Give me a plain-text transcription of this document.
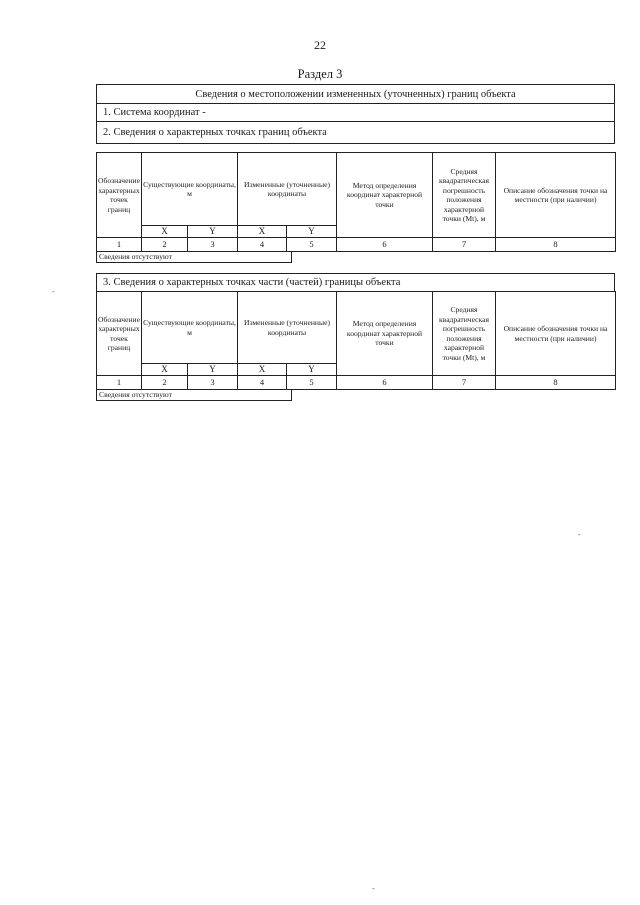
22
Раздел 3
Сведения о местоположении измененных (уточненных) границ объекта
1. Система координат -
2. Сведения о характерных точках границ объекта
Обозначение характерных точек границ	Существующие координаты, м		Измененные (уточненные) координаты		Метод определения координат характерной точки	Средняя квадратическая погрешность положения характерной точки (Mt), м	Описание обозначения точки на местности (при наличии)
	X	Y	X	Y			
1	2	3	4	5	6	7	8
Сведения отсутствуют
3. Сведения о характерных точках части (частей) границы объекта
Обозначение характерных точек границ	Существующие координаты, м		Измененные (уточненные) координаты		Метод определения координат характерной точки	Средняя квадратическая погрешность положения характерной точки (Mt), м	Описание обозначения точки на местности (при наличии)
	X	Y	X	Y			
1	2	3	4	5	6	7	8
Сведения отсутствуют
-
-
-
